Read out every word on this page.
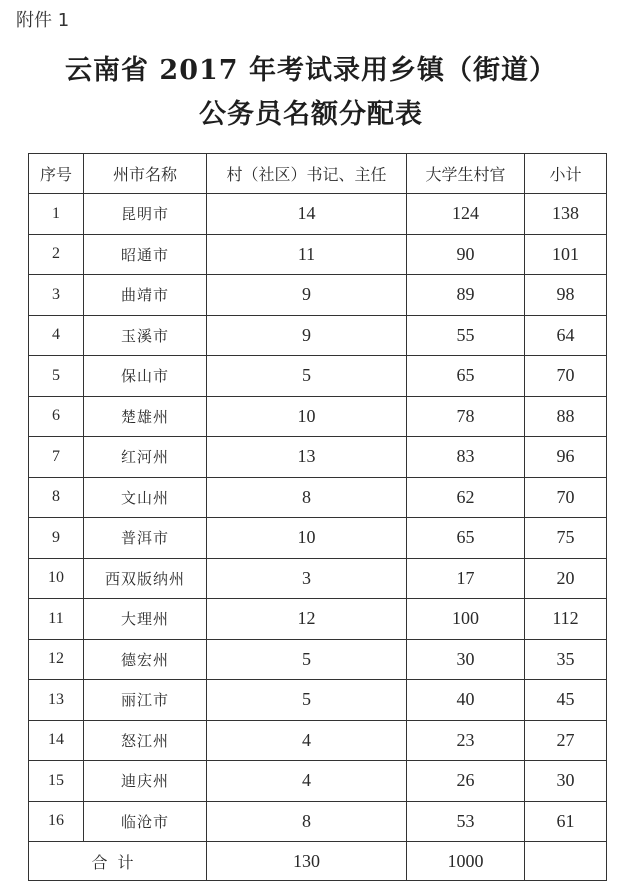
附件 1
云南省 2017 年考试录用乡镇（街道）
公务员名额分配表
序号	州市名称	村（社区）书记、主任	大学生村官	小计
1	昆明市	14	124	138
2	昭通市	11	90	101
3	曲靖市	9	89	98
4	玉溪市	9	55	64
5	保山市	5	65	70
6	楚雄州	10	78	88
7	红河州	13	83	96
8	文山州	8	62	70
9	普洱市	10	65	75
10	西双版纳州	3	17	20
11	大理州	12	100	112
12	德宏州	5	30	35
13	丽江市	5	40	45
14	怒江州	4	23	27
15	迪庆州	4	26	30
16	临沧市	8	53	61
合计		130	1000	
